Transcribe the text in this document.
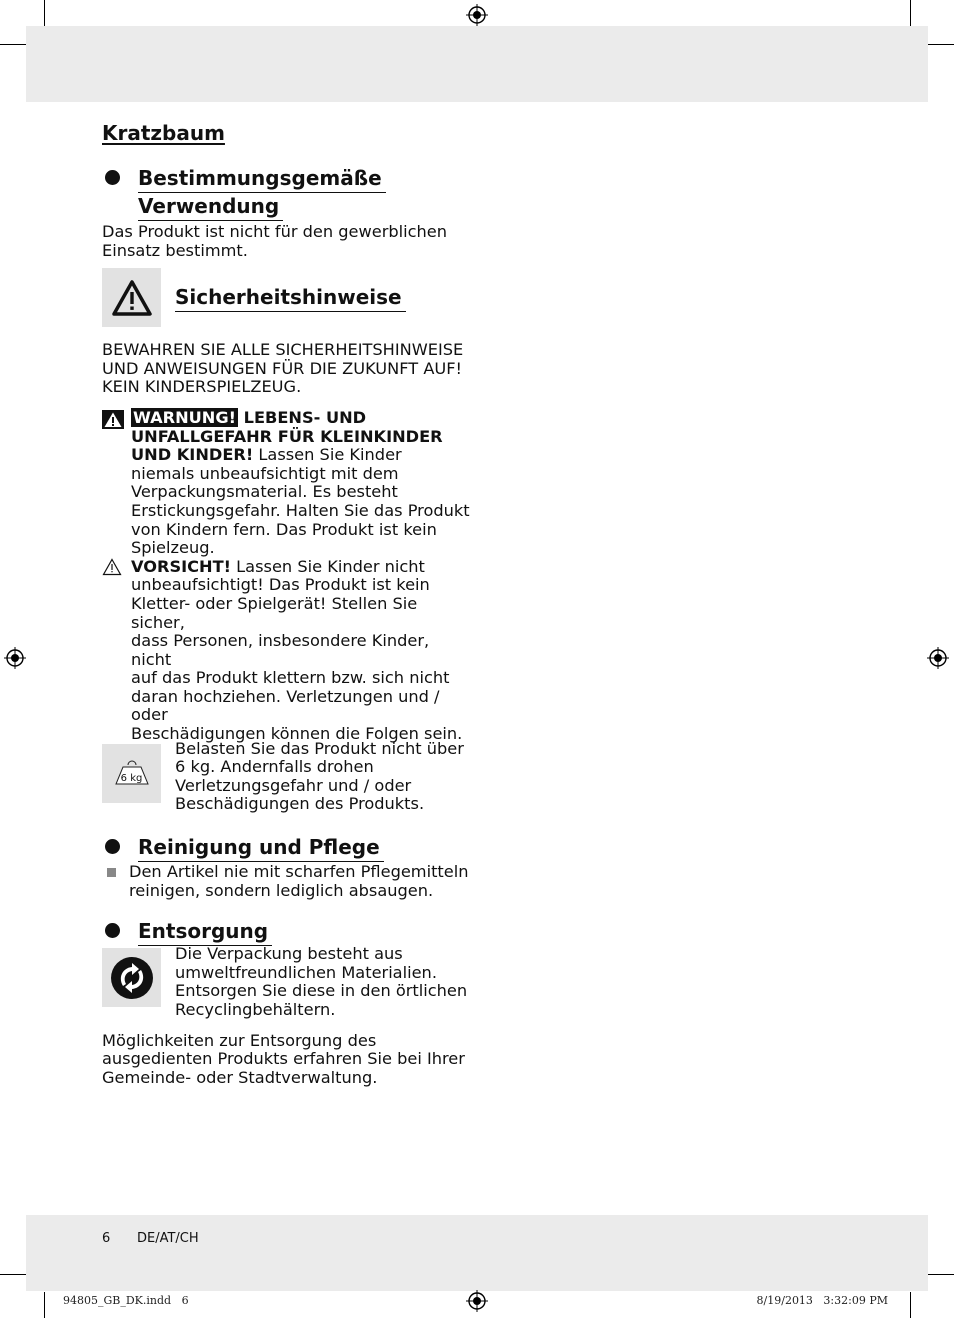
Kratzbaum
Bestimmungsgemäße
Verwendung
Das Produkt ist nicht für den gewerblichen
Einsatz bestimmt.
Sicherheitshinweise
BEWAHREN SIE ALLE SICHERHEITSHINWEISE
UND ANWEISUNGEN FÜR DIE ZUKUNFT AUF!
KEIN KINDERSPIELZEUG.
WARNUNG! LEBENS- UND
UNFALLGEFAHR FÜR KLEINKINDER
UND KINDER! Lassen Sie Kinder
niemals unbeaufsichtigt mit dem
Verpackungsmaterial. Es besteht
Erstickungsgefahr. Halten Sie das Produkt
von Kindern fern. Das Produkt ist kein
Spielzeug.
VORSICHT! Lassen Sie Kinder nicht
unbeaufsichtigt! Das Produkt ist kein
Kletter- oder Spielgerät! Stellen Sie sicher,
dass Personen, insbesondere Kinder, nicht
auf das Produkt klettern bzw. sich nicht
daran hochziehen. Verletzungen und / oder
Beschädigungen können die Folgen sein.
6 kg
Belasten Sie das Produkt nicht über
6 kg. Andernfalls drohen
Verletzungsgefahr und / oder
Beschädigungen des Produkts.
Reinigung und Pflege
Den Artikel nie mit scharfen Pflegemitteln
reinigen, sondern lediglich absaugen.
Entsorgung
Die Verpackung besteht aus
umweltfreundlichen Materialien.
Entsorgen Sie diese in den örtlichen
Recyclingbehältern.
Möglichkeiten zur Entsorgung des
ausgedienten Produkts erfahren Sie bei Ihrer
Gemeinde- oder Stadtverwaltung.
6 DE/AT/CH
94805_GB_DK.indd   6	8/19/2013   3:32:09 PM
